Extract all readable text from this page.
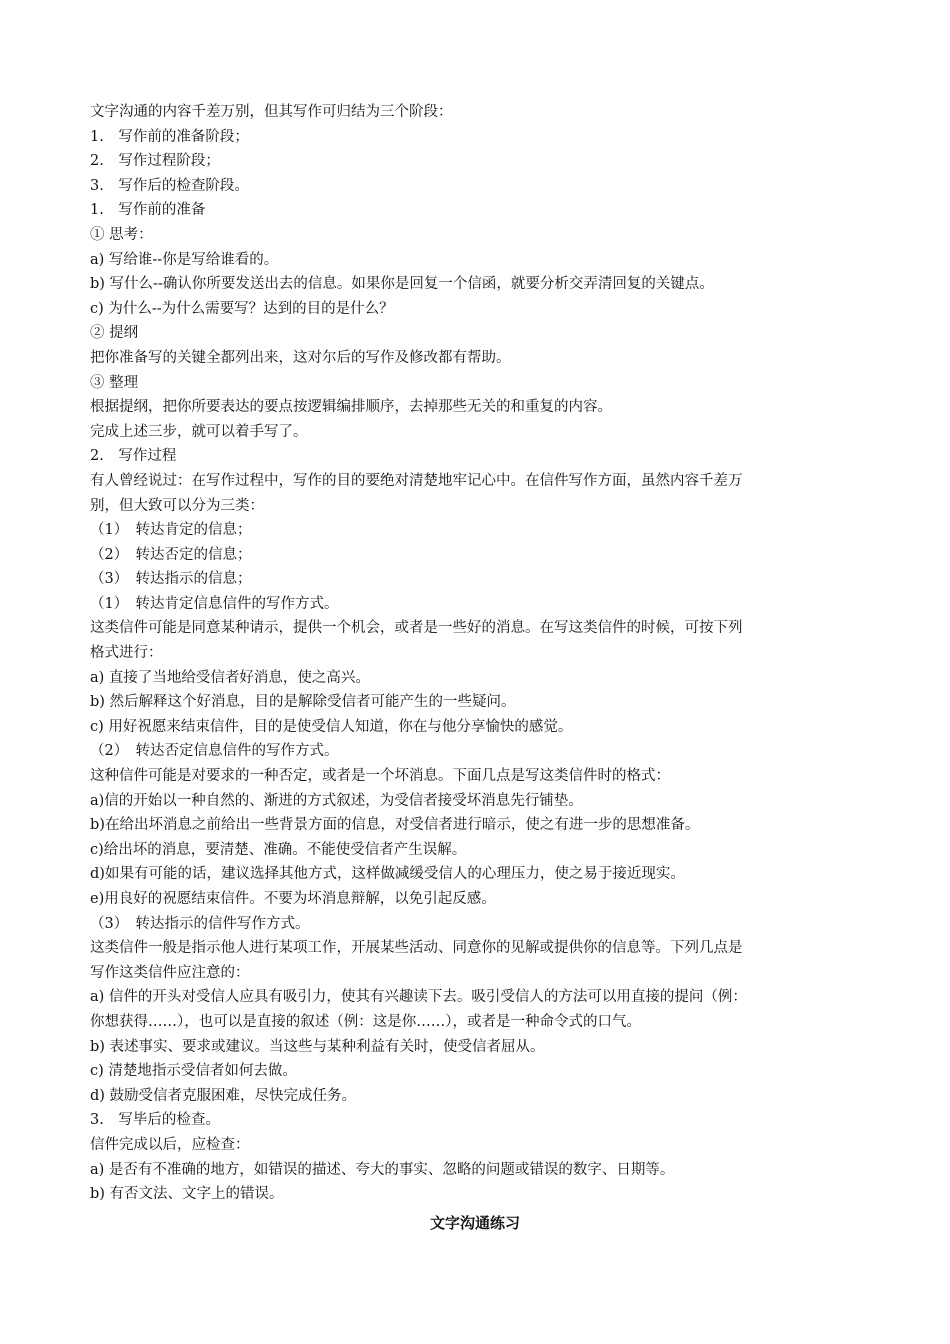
文字沟通的内容千差万别，但其写作可归结为三个阶段：

1.　写作前的准备阶段；

2.　写作过程阶段；

3.　写作后的检查阶段。

1.　写作前的准备

① 思考：

a) 写给谁--你是写给谁看的。

b) 写什么--确认你所要发送出去的信息。如果你是回复一个信函，就要分析交弄清回复的关键点。

c) 为什么--为什么需要写？达到的目的是什么？

② 提纲

把你准备写的关键全都列出来，这对尔后的写作及修改都有帮助。

③ 整理

根据提纲，把你所要表达的要点按逻辑编排顺序，去掉那些无关的和重复的内容。

完成上述三步，就可以着手写了。

2.　写作过程

有人曾经说过：在写作过程中，写作的目的要绝对清楚地牢记心中。在信件写作方面，虽然内容千差万

别，但大致可以分为三类：

（1）　转达肯定的信息；

（2）　转达否定的信息；

（3）　转达指示的信息；

（1）　转达肯定信息信件的写作方式。

这类信件可能是同意某种请示，提供一个机会，或者是一些好的消息。在写这类信件的时候，可按下列

格式进行：

a) 直接了当地给受信者好消息，使之高兴。

b) 然后解释这个好消息，目的是解除受信者可能产生的一些疑问。

c) 用好祝愿来结束信件，目的是使受信人知道，你在与他分享愉快的感觉。

（2）　转达否定信息信件的写作方式。

这种信件可能是对要求的一种否定，或者是一个坏消息。下面几点是写这类信件时的格式：

a)信的开始以一种自然的、渐进的方式叙述，为受信者接受坏消息先行铺垫。

b)在给出坏消息之前给出一些背景方面的信息，对受信者进行暗示，使之有进一步的思想准备。

c)给出坏的消息，要清楚、准确。不能使受信者产生误解。

d)如果有可能的话，建议选择其他方式，这样做减缓受信人的心理压力，使之易于接近现实。

e)用良好的祝愿结束信件。不要为坏消息辩解，以免引起反感。

（3）　转达指示的信件写作方式。

这类信件一般是指示他人进行某项工作，开展某些活动、同意你的见解或提供你的信息等。下列几点是

写作这类信件应注意的：

a) 信件的开头对受信人应具有吸引力，使其有兴趣读下去。吸引受信人的方法可以用直接的提问（例：

你想获得……），也可以是直接的叙述（例：这是你……），或者是一种命令式的口气。

b) 表述事实、要求或建议。当这些与某种利益有关时，使受信者屈从。

c) 清楚地指示受信者如何去做。

d) 鼓励受信者克服困难，尽快完成任务。

3.　写毕后的检查。

信件完成以后，应检查：

a) 是否有不准确的地方，如错误的描述、夸大的事实、忽略的问题或错误的数字、日期等。

b) 有否文法、文字上的错误。

文字沟通练习
